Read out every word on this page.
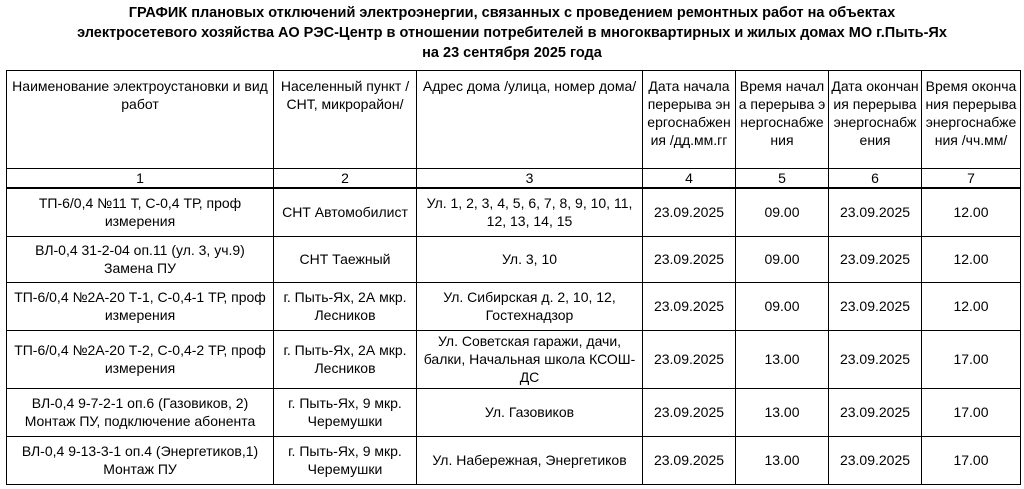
ГРАФИК плановых отключений электроэнергии, связанных с проведением ремонтных работ на объектах
электросетевого хозяйства АО РЭС-Центр в отношении потребителей в многоквартирных и жилых домах МО г.Пыть-Ях
на 23 сентября 2025 года
Наименование электроустановки и вид работ	Населенный пункт /СНТ, микрорайон/	Адрес дома /улица, номер дома/	Дата начала перерыва энергоснабжения /дд.мм.гг	Время начала перерыва энергоснабжения	Дата окончания перерыва энергоснабжения	Время окончания перерыва энергоснабжения /чч.мм/
1	2	3	4	5	6	7
ТП-6/0,4 №11 Т, С-0,4 ТР, проф измерения	СНТ Автомобилист	Ул. 1, 2, 3, 4, 5, 6, 7, 8, 9, 10, 11, 12, 13, 14, 15	23.09.2025	09.00	23.09.2025	12.00
ВЛ-0,4 31-2-04 оп.11 (ул. 3, уч.9) Замена ПУ	СНТ Таежный	Ул. 3, 10	23.09.2025	09.00	23.09.2025	12.00
ТП-6/0,4 №2А-20 Т-1, С-0,4-1 ТР, проф измерения	г. Пыть-Ях, 2А мкр. Лесников	Ул. Сибирская д. 2, 10, 12, Гостехнадзор	23.09.2025	09.00	23.09.2025	12.00
ТП-6/0,4 №2А-20 Т-2, С-0,4-2 ТР, проф измерения	г. Пыть-Ях, 2А мкр. Лесников	Ул. Советская гаражи, дачи, балки, Начальная школа КСОШ-ДС	23.09.2025	13.00	23.09.2025	17.00
ВЛ-0,4 9-7-2-1 оп.6 (Газовиков, 2) Монтаж ПУ, подключение абонента	г. Пыть-Ях, 9 мкр. Черемушки	Ул. Газовиков	23.09.2025	13.00	23.09.2025	17.00
ВЛ-0,4 9-13-3-1 оп.4 (Энергетиков,1) Монтаж ПУ	г. Пыть-Ях, 9 мкр. Черемушки	Ул. Набережная, Энергетиков	23.09.2025	13.00	23.09.2025	17.00
